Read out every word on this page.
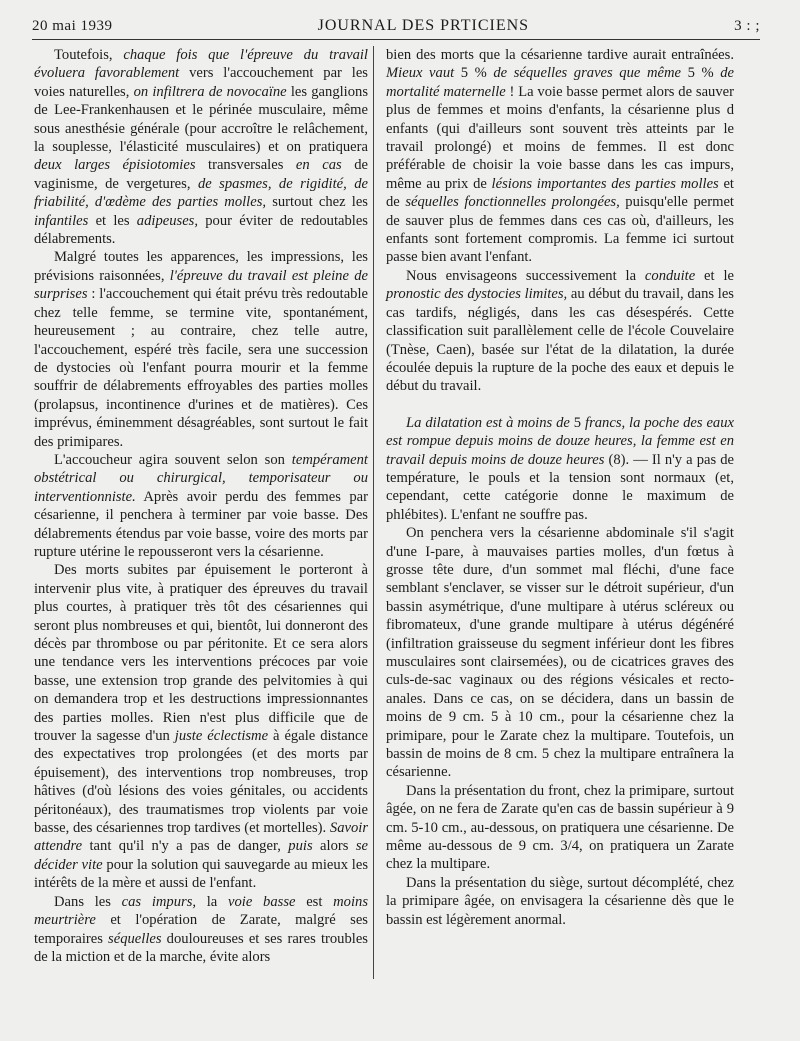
20 mai 1939	JOURNAL DES PRTICIENS	3 : ;

Toutefois, chaque fois que l'épreuve du travail évoluera favorablement vers l'accouchement par les voies naturelles, on infiltrera de novocaïne les ganglions de Lee-Frankenhausen et le périnée musculaire, même sous anesthésie générale (pour accroître le relâchement, la souplesse, l'élasticité musculaires) et on pratiquera deux larges épisiotomies transversales en cas de vaginisme, de vergetures, de spasmes, de rigidité, de friabilité, d'œdème des parties molles, surtout chez les infantiles et les adipeuses, pour éviter de redoutables délabrements.

Malgré toutes les apparences, les impressions, les prévisions raisonnées, l'épreuve du travail est pleine de surprises : l'accouchement qui était prévu très redoutable chez telle femme, se termine vite, spontanément, heureusement ; au contraire, chez telle autre, l'accouchement, espéré très facile, sera une succession de dystocies où l'enfant pourra mourir et la femme souffrir de délabrements effroyables des parties molles (prolapsus, incontinence d'urines et de matières). Ces imprévus, éminemment désagréables, sont surtout le fait des primipares.

L'accoucheur agira souvent selon son tempérament obstétrical ou chirurgical, temporisateur ou interventionniste. Après avoir perdu des femmes par césarienne, il penchera à terminer par voie basse. Des délabrements étendus par voie basse, voire des morts par rupture utérine le repousseront vers la césarienne.

Des morts subites par épuisement le porteront à intervenir plus vite, à pratiquer des épreuves du travail plus courtes, à pratiquer très tôt des césariennes qui seront plus nombreuses et qui, bientôt, lui donneront des décès par thrombose ou par péritonite. Et ce sera alors une tendance vers les interventions précoces par voie basse, une extension trop grande des pelvitomies à qui on demandera trop et les destructions impressionnantes des parties molles. Rien n'est plus difficile que de trouver la sagesse d'un juste éclectisme à égale distance des expectatives trop prolongées (et des morts par épuisement), des interventions trop nombreuses, trop hâtives (d'où lésions des voies génitales, ou accidents péritonéaux), des traumatismes trop violents par voie basse, des césariennes trop tardives (et mortelles). Savoir attendre tant qu'il n'y a pas de danger, puis alors se décider vite pour la solution qui sauvegarde au mieux les intérêts de la mère et aussi de l'enfant.

Dans les cas impurs, la voie basse est moins meurtrière et l'opération de Zarate, malgré ses temporaires séquelles douloureuses et ses rares troubles de la miction et de la marche, évite alors

bien des morts que la césarienne tardive aurait entraînées. Mieux vaut 5 % de séquelles graves que même 5 % de mortalité maternelle ! La voie basse permet alors de sauver plus de femmes et moins d'enfants, la césarienne plus d enfants (qui d'ailleurs sont souvent très atteints par le travail prolongé) et moins de femmes. Il est donc préférable de choisir la voie basse dans les cas impurs, même au prix de lésions importantes des parties molles et de séquelles fonctionnelles prolongées, puisqu'elle permet de sauver plus de femmes dans ces cas où, d'ailleurs, les enfants sont fortement compromis. La femme ici surtout passe bien avant l'enfant.

Nous envisageons successivement la conduite et le pronostic des dystocies limites, au début du travail, dans les cas tardifs, négligés, dans les cas désespérés. Cette classification suit parallèlement celle de l'école Couvelaire (Tnèse, Caen), basée sur l'état de la dilatation, la durée écoulée depuis la rupture de la poche des eaux et depuis le début du travail.

La dilatation est à moins de 5 francs, la poche des eaux est rompue depuis moins de douze heures, la femme est en travail depuis moins de douze heures (8). — Il n'y a pas de température, le pouls et la tension sont normaux (et, cependant, cette catégorie donne le maximum de phlébites). L'enfant ne souffre pas.

On penchera vers la césarienne abdominale s'il s'agit d'une I-pare, à mauvaises parties molles, d'un fœtus à grosse tête dure, d'un sommet mal fléchi, d'une face semblant s'enclaver, se visser sur le détroit supérieur, d'un bassin asymétrique, d'une multipare à utérus scléreux ou fibromateux, d'une grande multipare à utérus dégénéré (infiltration graisseuse du segment inférieur dont les fibres musculaires sont clairsemées), ou de cicatrices graves des culs-de-sac vaginaux ou des régions vésicales et recto-anales. Dans ce cas, on se décidera, dans un bassin de moins de 9 cm. 5 à 10 cm., pour la césarienne chez la primipare, pour le Zarate chez la multipare. Toutefois, un bassin de moins de 8 cm. 5 chez la multipare entraînera la césarienne.

Dans la présentation du front, chez la primipare, surtout âgée, on ne fera de Zarate qu'en cas de bassin supérieur à 9 cm. 5-10 cm., au-dessous, on pratiquera une césarienne. De même au-dessous de 9 cm. 3/4, on pratiquera un Zarate chez la multipare.

Dans la présentation du siège, surtout décomplété, chez la primipare âgée, on envisagera la césarienne dès que le bassin est légèrement anormal.
